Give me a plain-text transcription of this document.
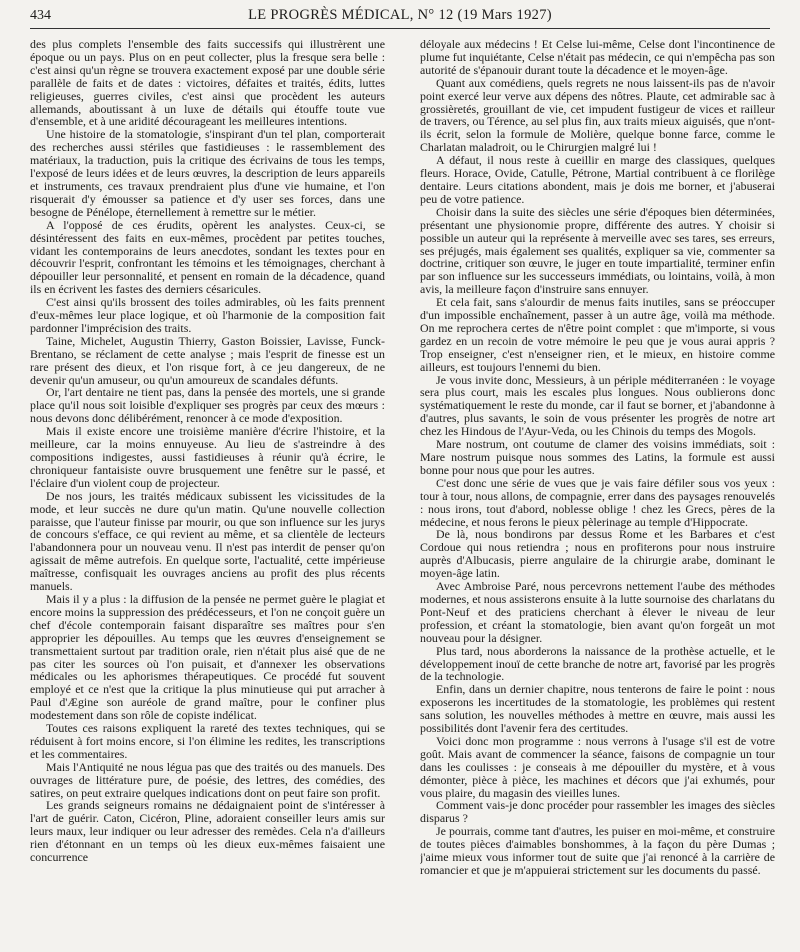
434	LE PROGRÈS MÉDICAL, N° 12 (19 Mars 1927)

des plus complets l'ensemble des faits successifs qui illustrèrent une époque ou un pays. Plus on en peut collecter, plus la fresque sera belle : c'est ainsi qu'un règne se trouvera exactement exposé par une double série parallèle de faits et de dates : victoires, défaites et traités, édits, luttes religieuses, guerres civiles, c'est ainsi que procèdent les auteurs allemands, aboutissant à un luxe de détails qui étouffe toute vue d'ensemble, et à une aridité décourageant les meilleures intentions.

Une histoire de la stomatologie, s'inspirant d'un tel plan, comporterait des recherches aussi stériles que fastidieuses : le rassemblement des matériaux, la traduction, puis la critique des écrivains de tous les temps, l'exposé de leurs idées et de leurs œuvres, la description de leurs appareils et instruments, ces travaux prendraient plus d'une vie humaine, et l'on risquerait d'y émousser sa patience et d'y user ses forces, dans une besogne de Pénélope, éternellement à remettre sur le métier.

A l'opposé de ces érudits, opèrent les analystes. Ceux-ci, se désintéressent des faits en eux-mêmes, procèdent par petites touches, vidant les contemporains de leurs anecdotes, sondant les textes pour en découvrir l'esprit, confrontant les témoins et les témoignages, cherchant à dépouiller leur personnalité, et pensent en romain de la décadence, quand ils en écrivent les fastes des derniers césaricules.

C'est ainsi qu'ils brossent des toiles admirables, où les faits prennent d'eux-mêmes leur place logique, et où l'harmonie de la composition fait pardonner l'imprécision des traits.

Taine, Michelet, Augustin Thierry, Gaston Boissier, Lavisse, Funck-Brentano, se réclament de cette analyse ; mais l'esprit de finesse est un rare présent des dieux, et l'on risque fort, à ce jeu dangereux, de ne devenir qu'un amuseur, ou qu'un amoureux de scandales défunts.

Or, l'art dentaire ne tient pas, dans la pensée des mortels, une si grande place qu'il nous soit loisible d'expliquer ses progrès par ceux des mœurs : nous devons donc délibérément, renoncer à ce mode d'exposition.

Mais il existe encore une troisième manière d'écrire l'histoire, et la meilleure, car la moins ennuyeuse. Au lieu de s'astreindre à des compositions indigestes, aussi fastidieuses à réunir qu'à écrire, le chroniqueur fantaisiste ouvre brusquement une fenêtre sur le passé, et l'éclaire d'un violent coup de projecteur.

De nos jours, les traités médicaux subissent les vicissitudes de la mode, et leur succès ne dure qu'un matin. Qu'une nouvelle collection paraisse, que l'auteur finisse par mourir, ou que son influence sur les jurys de concours s'efface, ce qui revient au même, et sa clientèle de lecteurs l'abandonnera pour un nouveau venu. Il n'est pas interdit de penser qu'on agissait de même autrefois. En quelque sorte, l'actualité, cette impérieuse maîtresse, confisquait les ouvrages anciens au profit des plus récents manuels.

Mais il y a plus : la diffusion de la pensée ne permet guère le plagiat et encore moins la suppression des prédécesseurs, et l'on ne conçoit guère un chef d'école contemporain faisant disparaître ses maîtres pour s'en approprier les dépouilles. Au temps que les œuvres d'enseignement se transmettaient surtout par tradition orale, rien n'était plus aisé que de ne pas citer les sources où l'on puisait, et d'annexer les observations médicales ou les aphorismes thérapeutiques. Ce procédé fut souvent employé et ce n'est que la critique la plus minutieuse qui put arracher à Paul d'Ægine son auréole de grand maître, pour le confiner plus modestement dans son rôle de copiste indélicat.

Toutes ces raisons expliquent la rareté des textes techniques, qui se réduisent à fort moins encore, si l'on élimine les redites, les transcriptions et les commentaires.

Mais l'Antiquité ne nous légua pas que des traités ou des manuels. Des ouvrages de littérature pure, de poésie, des lettres, des comédies, des satires, on peut extraire quelques indications dont on peut faire son profit.

Les grands seigneurs romains ne dédaignaient point de s'intéresser à l'art de guérir. Caton, Cicéron, Pline, adoraient conseiller leurs amis sur leurs maux, leur indiquer ou leur adresser des remèdes. Cela n'a d'ailleurs rien d'étonnant en un temps où les dieux eux-mêmes faisaient une concurrence

déloyale aux médecins ! Et Celse lui-même, Celse dont l'incontinence de plume fut inquiétante, Celse n'était pas médecin, ce qui n'empêcha pas son autorité de s'épanouir durant toute la décadence et le moyen-âge.

Quant aux comédiens, quels regrets ne nous laissent-ils pas de n'avoir point exercé leur verve aux dépens des nôtres. Plaute, cet admirable sac à grossièretés, grouillant de vie, cet impudent fustigeur de vices et railleur de travers, ou Térence, au sel plus fin, aux traits mieux aiguisés, que n'ont-ils écrit, selon la formule de Molière, quelque bonne farce, comme le Charlatan maladroit, ou le Chirurgien malgré lui !

A défaut, il nous reste à cueillir en marge des classiques, quelques fleurs. Horace, Ovide, Catulle, Pétrone, Martial contribuent à ce florilège dentaire. Leurs citations abondent, mais je dois me borner, et j'abuserai peu de votre patience.

Choisir dans la suite des siècles une série d'époques bien déterminées, présentant une physionomie propre, différente des autres. Y choisir si possible un auteur qui la représente à merveille avec ses tares, ses erreurs, ses préjugés, mais également ses qualités, expliquer sa vie, commenter sa doctrine, critiquer son œuvre, le juger en toute impartialité, terminer enfin par son influence sur les successeurs immédiats, ou lointains, voilà, à mon avis, la meilleure façon d'instruire sans ennuyer.

Et cela fait, sans s'alourdir de menus faits inutiles, sans se préoccuper d'un impossible enchaînement, passer à un autre âge, voilà ma méthode. On me reprochera certes de n'être point complet : que m'importe, si vous gardez en un recoin de votre mémoire le peu que je vous aurai appris ? Trop enseigner, c'est n'enseigner rien, et le mieux, en histoire comme ailleurs, est toujours l'ennemi du bien.

Je vous invite donc, Messieurs, à un périple méditerranéen : le voyage sera plus court, mais les escales plus longues. Nous oublierons donc systématiquement le reste du monde, car il faut se borner, et j'abandonne à d'autres, plus savants, le soin de vous présenter les progrès de notre art chez les Hindous de l'Ayur-Veda, ou les Chinois du temps des Mogols.

Mare nostrum, ont coutume de clamer des voisins immédiats, soit : Mare nostrum puisque nous sommes des Latins, la formule est aussi bonne pour nous que pour les autres.

C'est donc une série de vues que je vais faire défiler sous vos yeux : tour à tour, nous allons, de compagnie, errer dans des paysages renouvelés : nous irons, tout d'abord, noblesse oblige ! chez les Grecs, pères de la médecine, et nous ferons le pieux pèlerinage au temple d'Hippocrate.

De là, nous bondirons par dessus Rome et les Barbares et c'est Cordoue qui nous retiendra ; nous en profiterons pour nous instruire auprès d'Albucasis, pierre angulaire de la chirurgie arabe, dominant le moyen-âge latin.

Avec Ambroise Paré, nous percevrons nettement l'aube des méthodes modernes, et nous assisterons ensuite à la lutte sournoise des charlatans du Pont-Neuf et des praticiens cherchant à élever le niveau de leur profession, et créant la stomatologie, bien avant qu'on forgeât un mot nouveau pour la désigner.

Plus tard, nous aborderons la naissance de la prothèse actuelle, et le développement inouï de cette branche de notre art, favorisé par les progrès de la technologie.

Enfin, dans un dernier chapitre, nous tenterons de faire le point : nous exposerons les incertitudes de la stomatologie, les problèmes qui restent sans solution, les nouvelles méthodes à mettre en œuvre, mais aussi les possibilités dont l'avenir fera des certitudes.

Voici donc mon programme : nous verrons à l'usage s'il est de votre goût. Mais avant de commencer la séance, faisons de compagnie un tour dans les coulisses : je conseais à me dépouiller du mystère, et à vous démonter, pièce à pièce, les machines et décors que j'ai exhumés, pour vous plaire, du magasin des vieilles lunes.

Comment vais-je donc procéder pour rassembler les images des siècles disparus ?

Je pourrais, comme tant d'autres, les puiser en moi-même, et construire de toutes pièces d'aimables bonshommes, à la façon du père Dumas ; j'aime mieux vous informer tout de suite que j'ai renoncé à la carrière de romancier et que je m'appuierai strictement sur les documents du passé.
